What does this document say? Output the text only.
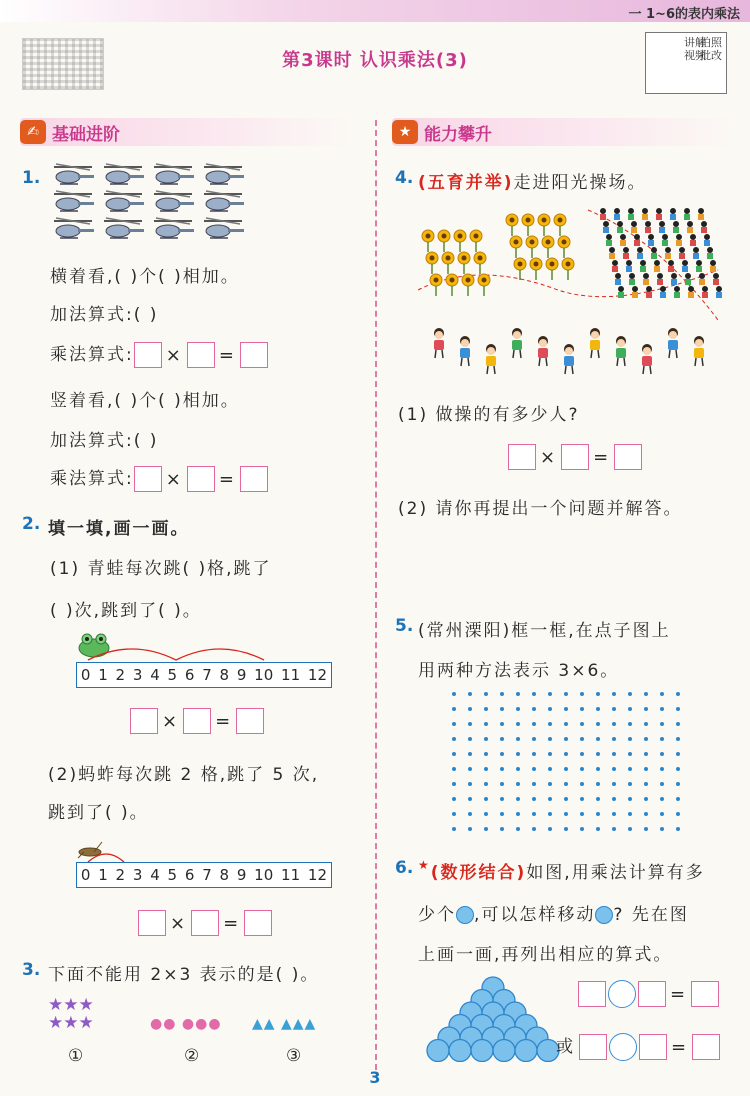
一 1~6的表内乘法
第3课时 认识乘法(3)
拍照批改
讲解视频
✍ 基础进阶	★ 能力攀升
1.
横着看,( )个( )相加。
加法算式:( )
乘法算式: × =
竖着看,( )个( )相加。
加法算式:( )
乘法算式: × =
2. 填一填,画一画。
(1) 青蛙每次跳( )格,跳了
( )次,跳到了( )。
0 1 2 3 4 5 6 7 8 9 10 11 12
× =
(2)蚂蚱每次跳 2 格,跳了 5 次,
跳到了( )。
0 1 2 3 4 5 6 7 8 9 10 11 12
× =
3. 下面不能用 2×3 表示的是( )。
★★★
★★★	●● ●●● ▲▲ ▲▲▲
①	②	③
4. (五育并举)走进阳光操场。
(1) 做操的有多少人?
× =
(2) 请你再提出一个问题并解答。
5. (常州溧阳)框一框,在点子图上
用两种方法表示 3×6。
6. ★(数形结合)如图,用乘法计算有多
少个 ,可以怎样移动 ? 先在图
上画一画,再列出相应的算式。
=
或	=
3
